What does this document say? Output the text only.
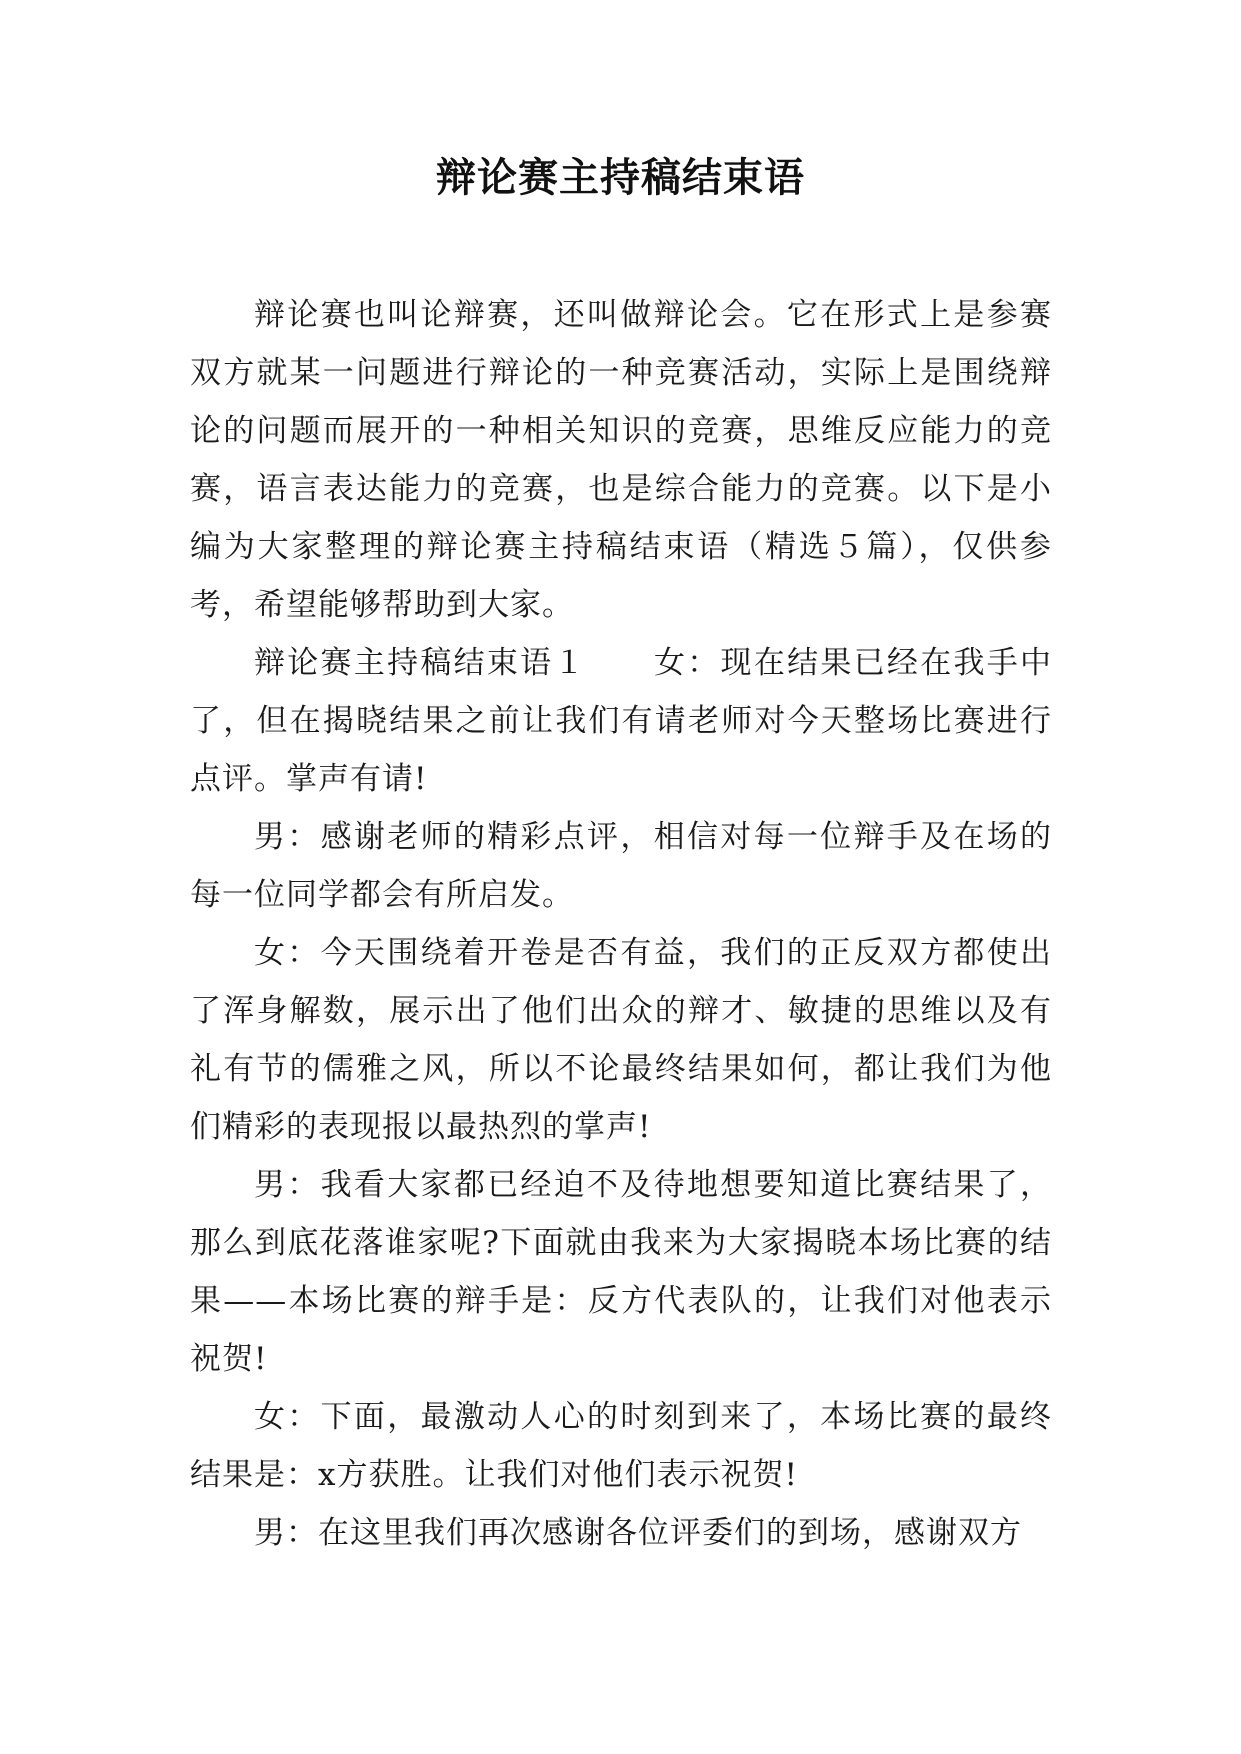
辩论赛主持稿结束语

辩论赛也叫论辩赛，还叫做辩论会。它在形式上是参赛双方就某一问题进行辩论的一种竞赛活动，实际上是围绕辩论的问题而展开的一种相关知识的竞赛，思维反应能力的竞赛，语言表达能力的竞赛，也是综合能力的竞赛。以下是小编为大家整理的辩论赛主持稿结束语（精选５篇），仅供参考，希望能够帮助到大家。

辩论赛主持稿结束语１ 女：现在结果已经在我手中了，但在揭晓结果之前让我们有请老师对今天整场比赛进行点评。掌声有请!

男：感谢老师的精彩点评，相信对每一位辩手及在场的每一位同学都会有所启发。

女：今天围绕着开卷是否有益，我们的正反双方都使出了浑身解数，展示出了他们出众的辩才、敏捷的思维以及有礼有节的儒雅之风，所以不论最终结果如何，都让我们为他们精彩的表现报以最热烈的掌声!

男：我看大家都已经迫不及待地想要知道比赛结果了，那么到底花落谁家呢?下面就由我来为大家揭晓本场比赛的结果——本场比赛的辩手是：反方代表队的，让我们对他表示祝贺!

女：下面，最激动人心的时刻到来了，本场比赛的最终结果是：x方获胜。让我们对他们表示祝贺!

男：在这里我们再次感谢各位评委们的到场，感谢双方
